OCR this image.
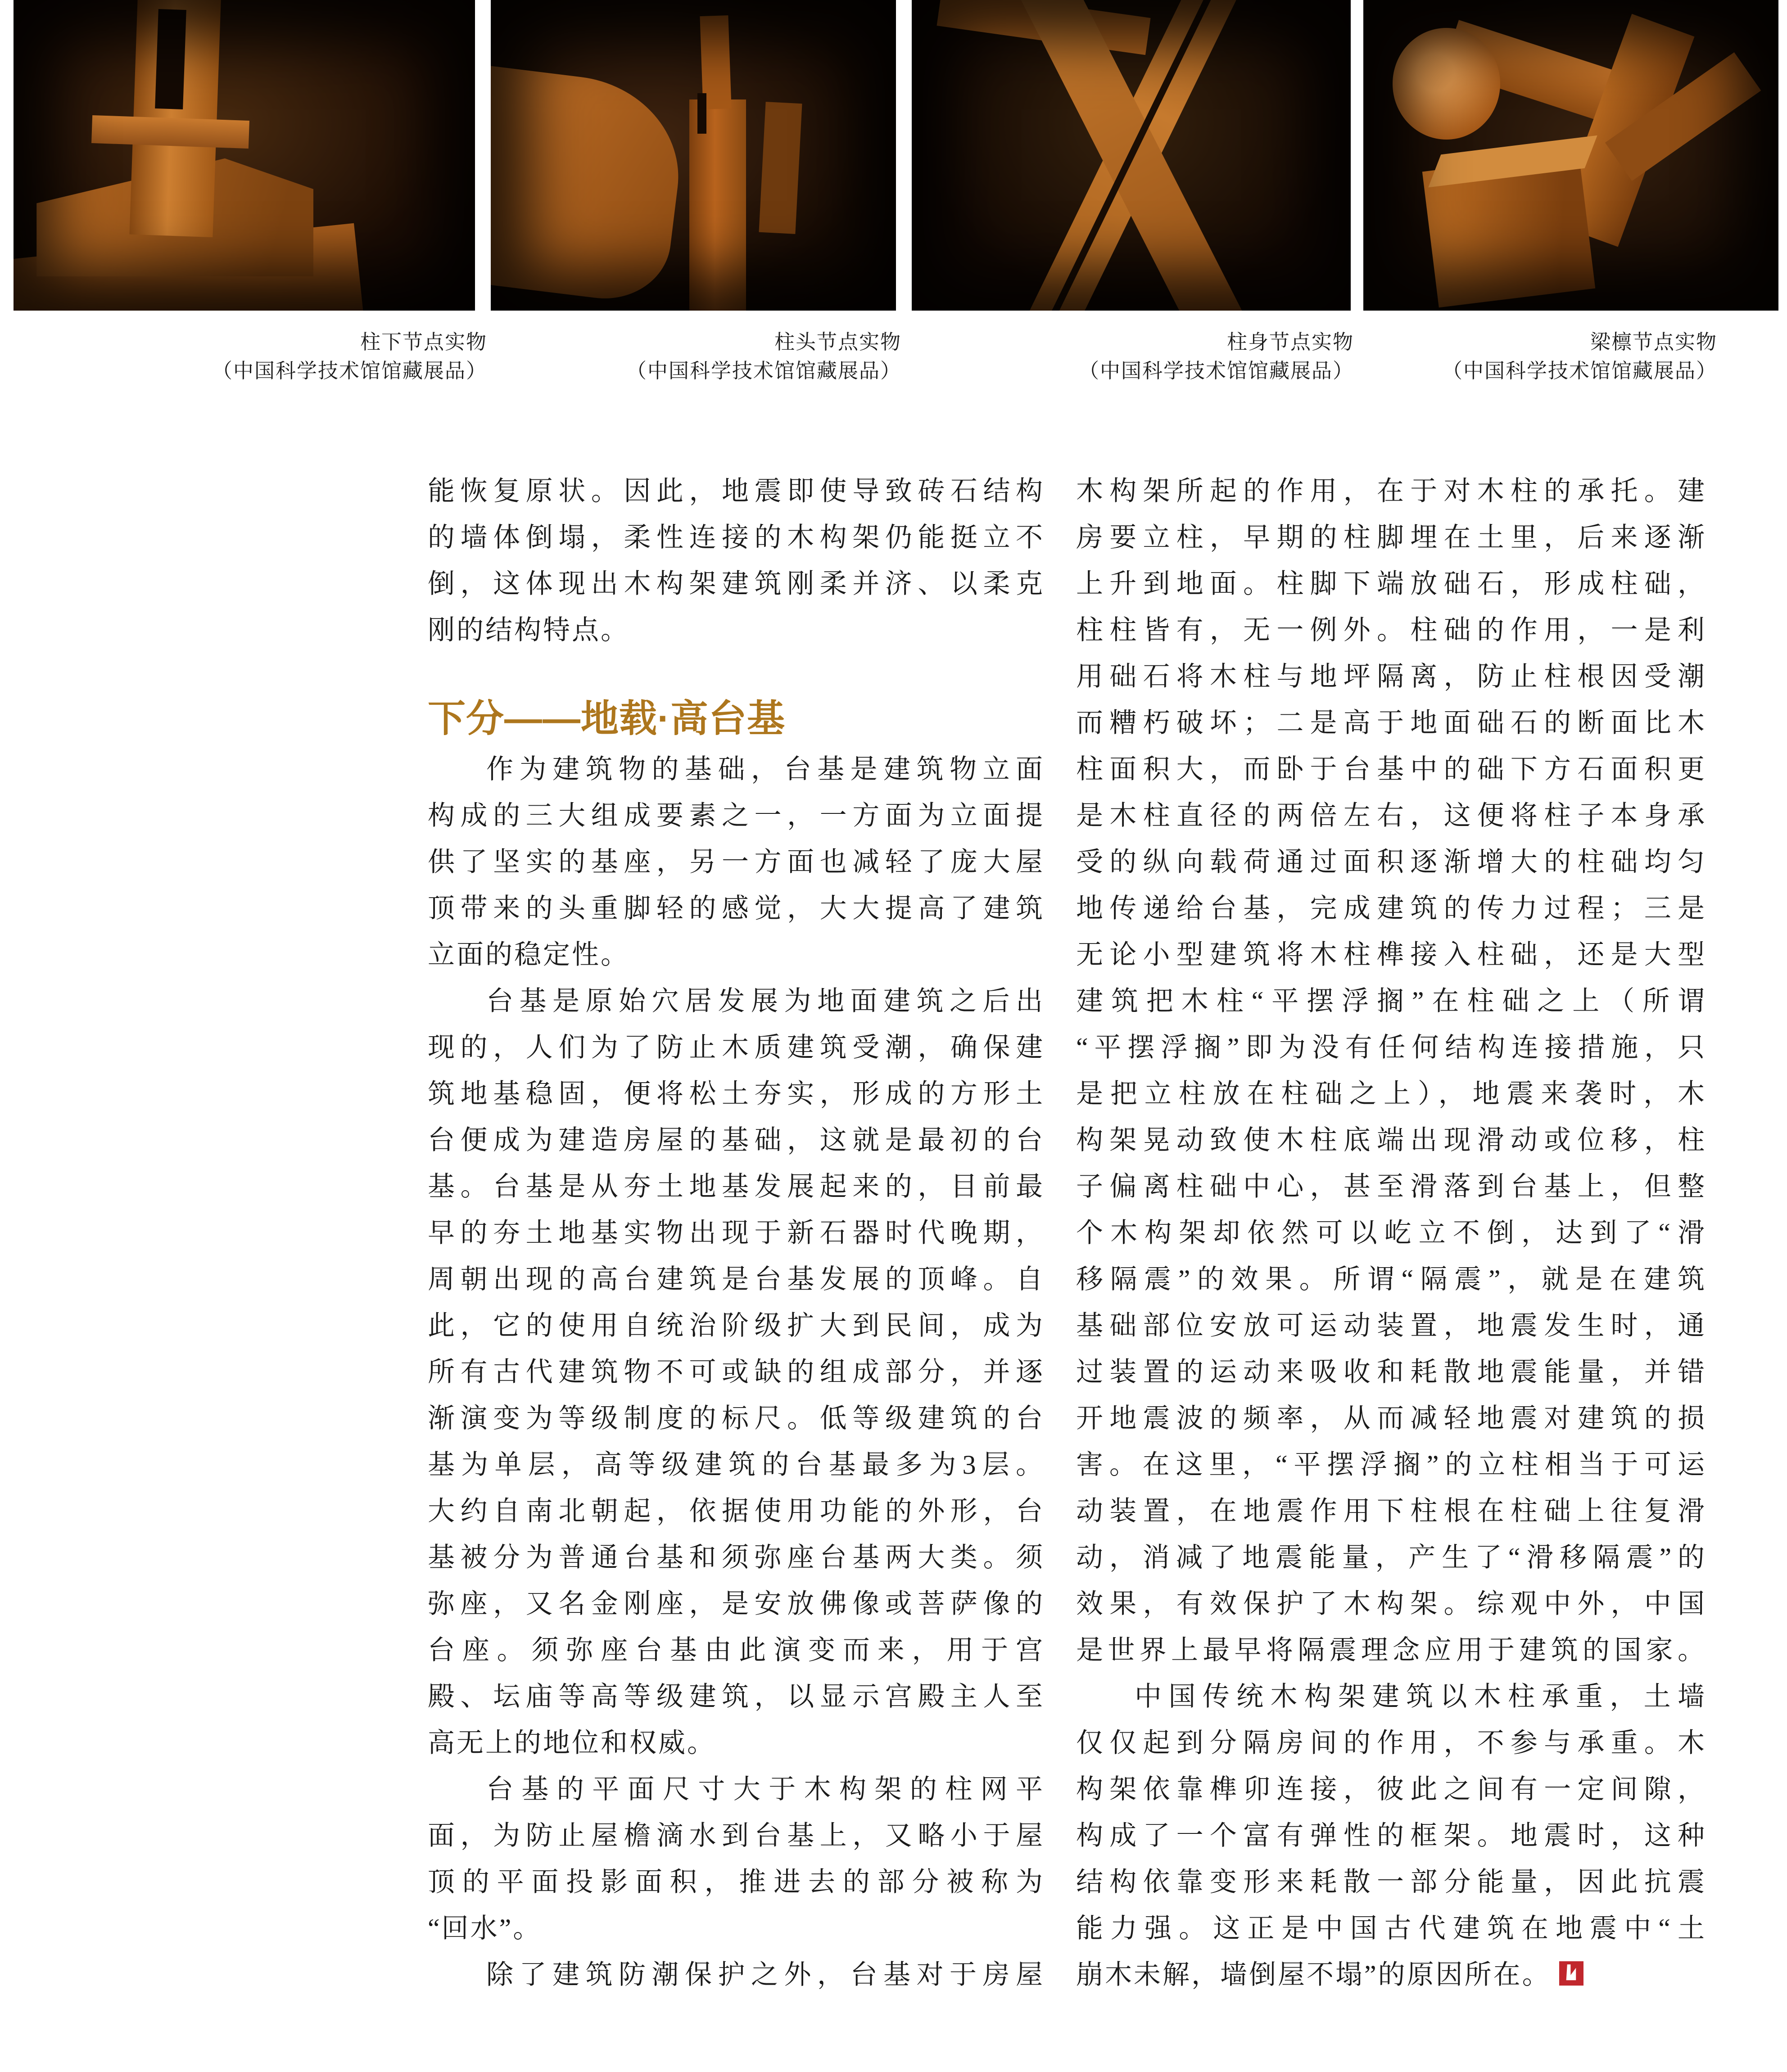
柱下节点实物
（中国科学技术馆馆藏展品）
柱头节点实物
（中国科学技术馆馆藏展品）
柱身节点实物
（中国科学技术馆馆藏展品）
梁檩节点实物
（中国科学技术馆馆藏展品）
能恢复原状。因此，地震即使导致砖石结构
的墙体倒塌，柔性连接的木构架仍能挺立不
倒，这体现出木构架建筑刚柔并济、以柔克
刚的结构特点。
下分——地载·高台基
作为建筑物的基础，台基是建筑物立面
构成的三大组成要素之一，一方面为立面提
供了坚实的基座，另一方面也减轻了庞大屋
顶带来的头重脚轻的感觉，大大提高了建筑
立面的稳定性。
台基是原始穴居发展为地面建筑之后出
现的，人们为了防止木质建筑受潮，确保建
筑地基稳固，便将松土夯实，形成的方形土
台便成为建造房屋的基础，这就是最初的台
基。台基是从夯土地基发展起来的，目前最
早的夯土地基实物出现于新石器时代晚期，
周朝出现的高台建筑是台基发展的顶峰。自
此，它的使用自统治阶级扩大到民间，成为
所有古代建筑物不可或缺的组成部分，并逐
渐演变为等级制度的标尺。低等级建筑的台
基为单层，高等级建筑的台基最多为3层。
大约自南北朝起，依据使用功能的外形，台
基被分为普通台基和须弥座台基两大类。须
弥座，又名金刚座，是安放佛像或菩萨像的
台座。须弥座台基由此演变而来，用于宫
殿、坛庙等高等级建筑，以显示宫殿主人至
高无上的地位和权威。
台基的平面尺寸大于木构架的柱网平
面，为防止屋檐滴水到台基上，又略小于屋
顶的平面投影面积，推进去的部分被称为
“回水”。
除了建筑防潮保护之外，台基对于房屋
木构架所起的作用，在于对木柱的承托。建
房要立柱，早期的柱脚埋在土里，后来逐渐
上升到地面。柱脚下端放础石，形成柱础，
柱柱皆有，无一例外。柱础的作用，一是利
用础石将木柱与地坪隔离，防止柱根因受潮
而糟朽破坏；二是高于地面础石的断面比木
柱面积大，而卧于台基中的础下方石面积更
是木柱直径的两倍左右，这便将柱子本身承
受的纵向载荷通过面积逐渐增大的柱础均匀
地传递给台基，完成建筑的传力过程；三是
无论小型建筑将木柱榫接入柱础，还是大型
建筑把木柱“平摆浮搁”在柱础之上（所谓
“平摆浮搁”即为没有任何结构连接措施，只
是把立柱放在柱础之上），地震来袭时，木
构架晃动致使木柱底端出现滑动或位移，柱
子偏离柱础中心，甚至滑落到台基上，但整
个木构架却依然可以屹立不倒，达到了“滑
移隔震”的效果。所谓“隔震”，就是在建筑
基础部位安放可运动装置，地震发生时，通
过装置的运动来吸收和耗散地震能量，并错
开地震波的频率，从而减轻地震对建筑的损
害。在这里，“平摆浮搁”的立柱相当于可运
动装置，在地震作用下柱根在柱础上往复滑
动，消减了地震能量，产生了“滑移隔震”的
效果，有效保护了木构架。综观中外，中国
是世界上最早将隔震理念应用于建筑的国家。
中国传统木构架建筑以木柱承重，土墙
仅仅起到分隔房间的作用，不参与承重。木
构架依靠榫卯连接，彼此之间有一定间隙，
构成了一个富有弹性的框架。地震时，这种
结构依靠变形来耗散一部分能量，因此抗震
能力强。这正是中国古代建筑在地震中“土
崩木未解，墙倒屋不塌”的原因所在。
